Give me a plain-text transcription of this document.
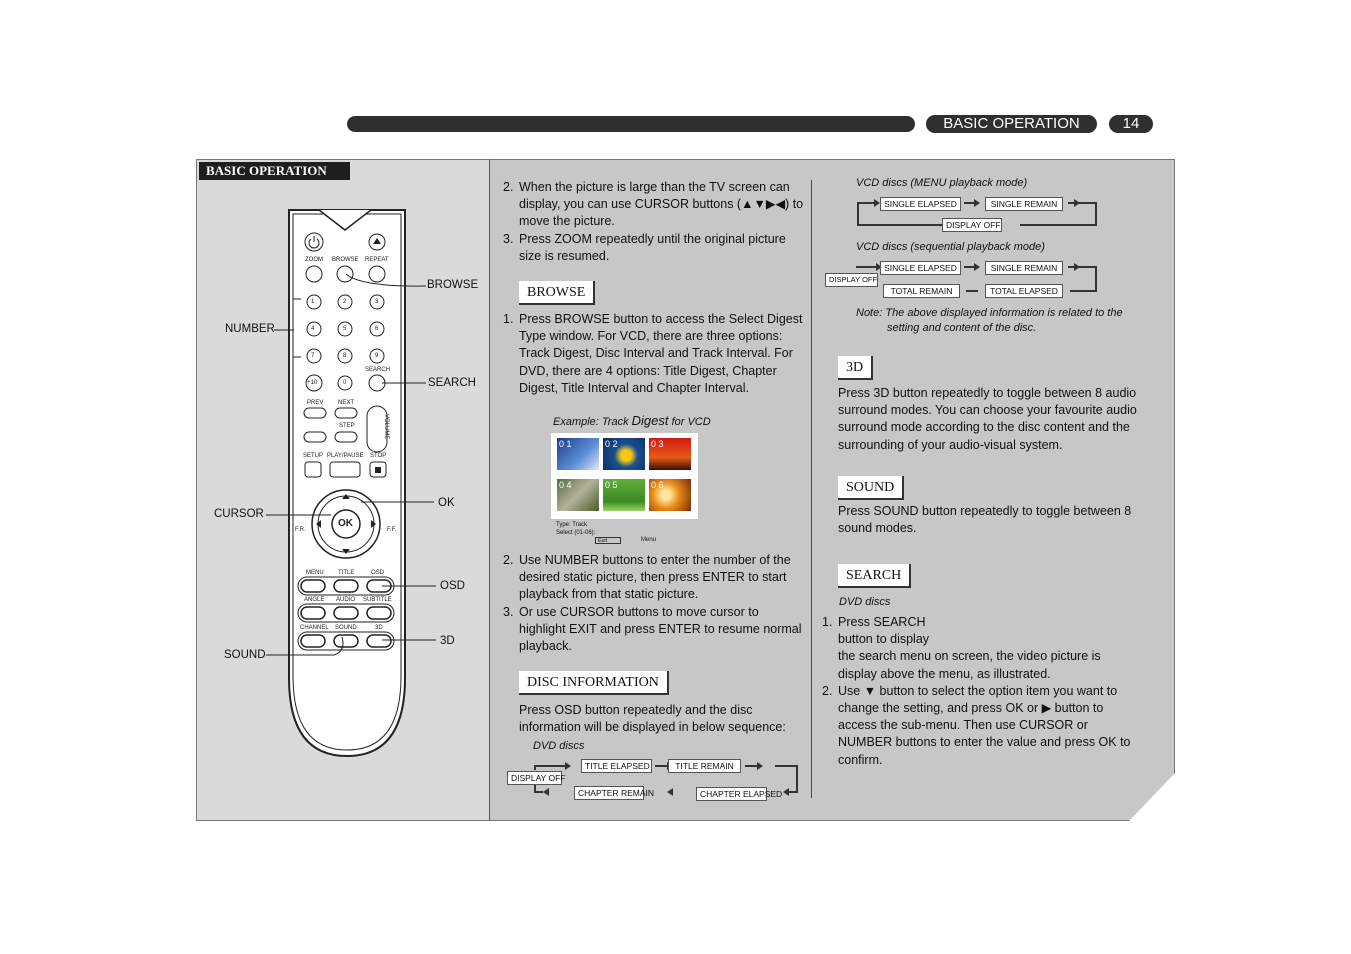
BASIC OPERATION	14
BASIC OPERATION
ZOOM BROWSE REPEAT
1	2	3
4	5	6
7	8	9
SEARCH
+10	0
PREV NEXT
STEP	VOLUME
SETUP PLAY/PAUSE STOP
F.R.	F.F.
OK
MENU TITLE	OSD
ANGLE AUDIO SUBTITLE
CHANNEL SOUND	3D
BROWSE
NUMBER
SEARCH
OK
CURSOR
OSD
3D
SOUND
2. When the picture is large than the TV screen can display, you can use CURSOR buttons (▲▼▶◀) to move the picture.
3. Press ZOOM repeatedly until the original picture size is resumed.
BROWSE
1. Press BROWSE button to access the Select Digest Type window. For VCD, there are three options: Track Digest, Disc Interval and Track Interval. For DVD, there are 4 options: Title Digest, Chapter Digest, Title Interval and Chapter Interval.
Example: Track Digest for VCD
0 1	0 2	0 3
0 4	0 5	0 6
Type: Track
Select (01-06):
Exit	Menu
2. Use NUMBER buttons to enter the number of the desired static picture, then press ENTER to start playback from that static picture.
3. Or use CURSOR buttons to move cursor to highlight EXIT and press ENTER to resume normal playback.
DISC INFORMATION
Press OSD button repeatedly and the disc information will be displayed in below sequence:
DVD discs
TITLE ELAPSED	TITLE REMAIN
DISPLAY OFF
CHAPTER REMAIN	CHAPTER ELAPSED
VCD discs (MENU playback mode)
SINGLE ELAPSED	SINGLE REMAIN
DISPLAY OFF
VCD discs (sequential playback mode)
SINGLE ELAPSED	SINGLE REMAIN
DISPLAY OFF
TOTAL REMAIN	TOTAL ELAPSED
Note: The above displayed information is related to the
setting and content of the disc.
3D
Press 3D button repeatedly to toggle between 8 audio surround modes. You can choose your favourite audio surround mode according to the disc content and the surrounding of your audio-visual system.
SOUND
Press SOUND button repeatedly to toggle between 8 sound modes.
SEARCH
DVD discs
1. Press SEARCH
button to display
the search menu on screen, the video picture is display above the menu, as illustrated.
2. Use ▼ button to select the option item you want to change the setting, and press OK or ▶ button to access the sub-menu. Then use CURSOR or NUMBER buttons to enter the value and press OK to confirm.
